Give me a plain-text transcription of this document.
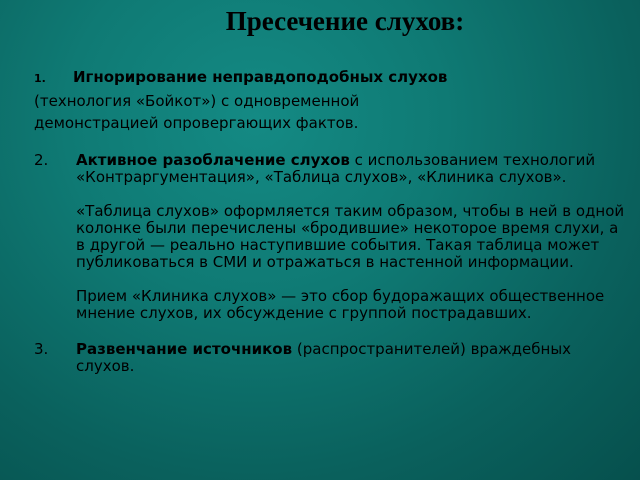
Пресечение слухов:

1. Игнорирование неправдоподобных слухов
(технология «Бойкот») с одновременной
демонстрацией опровергающих фактов.

2. Активное разоблачение слухов с использованием технологий «Контраргументация», «Таблица слухов», «Клиника слухов».
«Таблица слухов» оформляется таким образом, чтобы в ней в одной колонке были перечислены «бродившие» некоторое время слухи, а в другой — реально наступившие события. Такая таблица может публиковаться в СМИ и отражаться в настенной информации.
Прием «Клиника слухов» — это сбор будоражащих общественное мнение слухов, их обсуждение с группой пострадавших.
3. Развенчание источников (распространителей) враждебных слухов.
